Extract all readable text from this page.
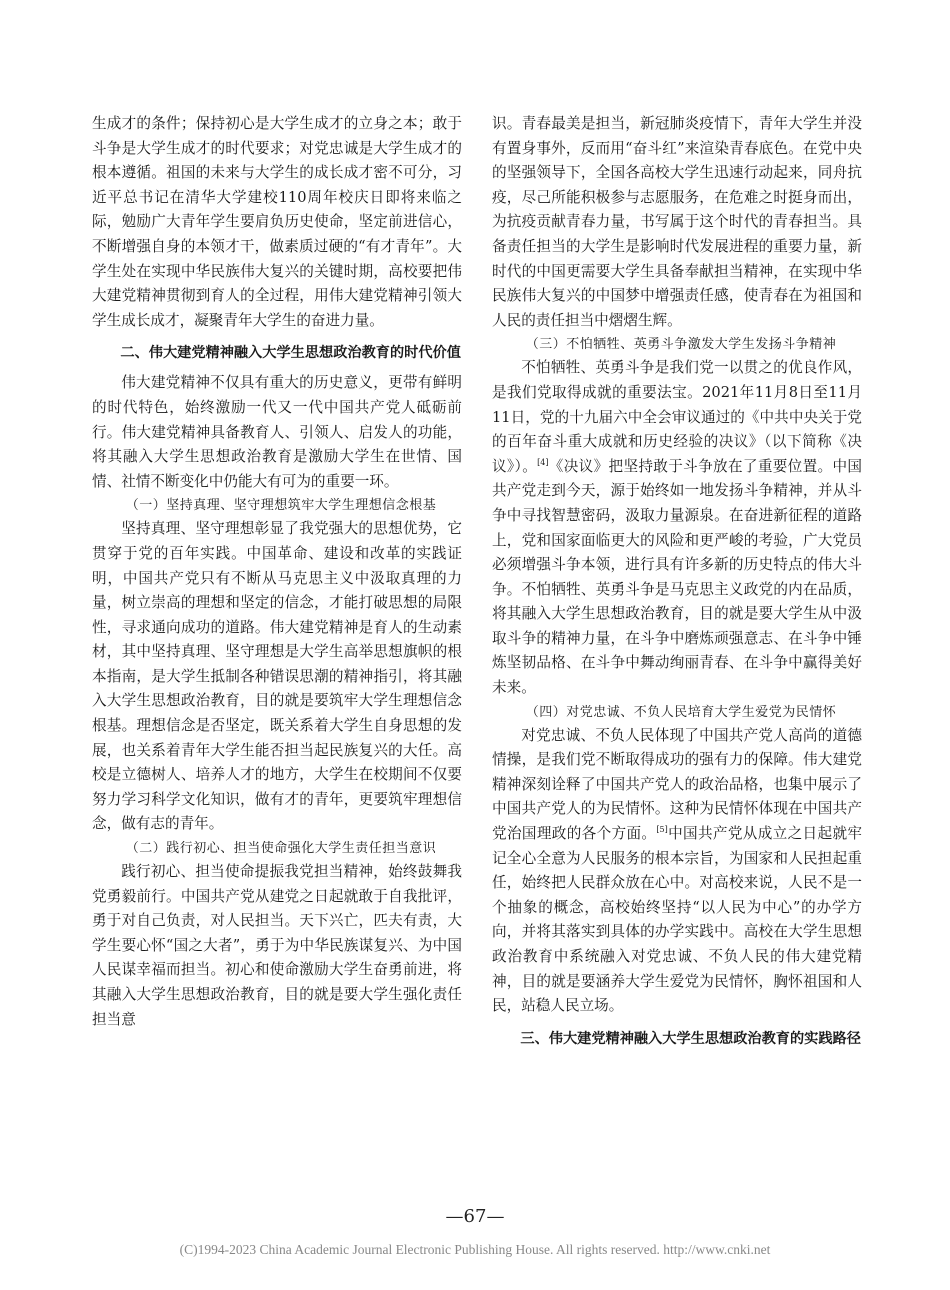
生成才的条件；保持初心是大学生成才的立身之本；敢于斗争是大学生成才的时代要求；对党忠诚是大学生成才的根本遵循。祖国的未来与大学生的成长成才密不可分，习近平总书记在清华大学建校110周年校庆日即将来临之际，勉励广大青年学生要肩负历史使命，坚定前进信心，不断增强自身的本领才干，做素质过硬的“有才青年”。大学生处在实现中华民族伟大复兴的关键时期，高校要把伟大建党精神贯彻到育人的全过程，用伟大建党精神引领大学生成长成才，凝聚青年大学生的奋进力量。

二、伟大建党精神融入大学生思想政治教育的时代价值

伟大建党精神不仅具有重大的历史意义，更带有鲜明的时代特色，始终激励一代又一代中国共产党人砥砺前行。伟大建党精神具备教育人、引领人、启发人的功能，将其融入大学生思想政治教育是激励大学生在世情、国情、社情不断变化中仍能大有可为的重要一环。

（一）坚持真理、坚守理想筑牢大学生理想信念根基

坚持真理、坚守理想彰显了我党强大的思想优势，它贯穿于党的百年实践。中国革命、建设和改革的实践证明，中国共产党只有不断从马克思主义中汲取真理的力量，树立崇高的理想和坚定的信念，才能打破思想的局限性，寻求通向成功的道路。伟大建党精神是育人的生动素材，其中坚持真理、坚守理想是大学生高举思想旗帜的根本指南，是大学生抵制各种错误思潮的精神指引，将其融入大学生思想政治教育，目的就是要筑牢大学生理想信念根基。理想信念是否坚定，既关系着大学生自身思想的发展，也关系着青年大学生能否担当起民族复兴的大任。高校是立德树人、培养人才的地方，大学生在校期间不仅要努力学习科学文化知识，做有才的青年，更要筑牢理想信念，做有志的青年。

（二）践行初心、担当使命强化大学生责任担当意识

践行初心、担当使命提振我党担当精神，始终鼓舞我党勇毅前行。中国共产党从建党之日起就敢于自我批评，勇于对自己负责，对人民担当。天下兴亡，匹夫有责，大学生要心怀“国之大者”，勇于为中华民族谋复兴、为中国人民谋幸福而担当。初心和使命激励大学生奋勇前进，将其融入大学生思想政治教育，目的就是要大学生强化责任担当意

识。青春最美是担当，新冠肺炎疫情下，青年大学生并没有置身事外，反而用“奋斗红”来渲染青春底色。在党中央的坚强领导下，全国各高校大学生迅速行动起来，同舟抗疫，尽己所能积极参与志愿服务，在危难之时挺身而出，为抗疫贡献青春力量，书写属于这个时代的青春担当。具备责任担当的大学生是影响时代发展进程的重要力量，新时代的中国更需要大学生具备奉献担当精神，在实现中华民族伟大复兴的中国梦中增强责任感，使青春在为祖国和人民的责任担当中熠熠生辉。

（三）不怕牺牲、英勇斗争激发大学生发扬斗争精神

不怕牺牲、英勇斗争是我们党一以贯之的优良作风，是我们党取得成就的重要法宝。2021年11月8日至11月11日，党的十九届六中全会审议通过的《中共中央关于党的百年奋斗重大成就和历史经验的决议》（以下简称《决议》）。[4]《决议》把坚持敢于斗争放在了重要位置。中国共产党走到今天，源于始终如一地发扬斗争精神，并从斗争中寻找智慧密码，汲取力量源泉。在奋进新征程的道路上，党和国家面临更大的风险和更严峻的考验，广大党员必须增强斗争本领，进行具有许多新的历史特点的伟大斗争。不怕牺牲、英勇斗争是马克思主义政党的内在品质，将其融入大学生思想政治教育，目的就是要大学生从中汲取斗争的精神力量，在斗争中磨炼顽强意志、在斗争中锤炼坚韧品格、在斗争中舞动绚丽青春、在斗争中赢得美好未来。

（四）对党忠诚、不负人民培育大学生爱党为民情怀

对党忠诚、不负人民体现了中国共产党人高尚的道德情操，是我们党不断取得成功的强有力的保障。伟大建党精神深刻诠释了中国共产党人的政治品格，也集中展示了中国共产党人的为民情怀。这种为民情怀体现在中国共产党治国理政的各个方面。[5]中国共产党从成立之日起就牢记全心全意为人民服务的根本宗旨，为国家和人民担起重任，始终把人民群众放在心中。对高校来说，人民不是一个抽象的概念，高校始终坚持“以人民为中心”的办学方向，并将其落实到具体的办学实践中。高校在大学生思想政治教育中系统融入对党忠诚、不负人民的伟大建党精神，目的就是要涵养大学生爱党为民情怀，胸怀祖国和人民，站稳人民立场。

三、伟大建党精神融入大学生思想政治教育的实践路径
—67—
(C)1994-2023 China Academic Journal Electronic Publishing House. All rights reserved. http://www.cnki.net
